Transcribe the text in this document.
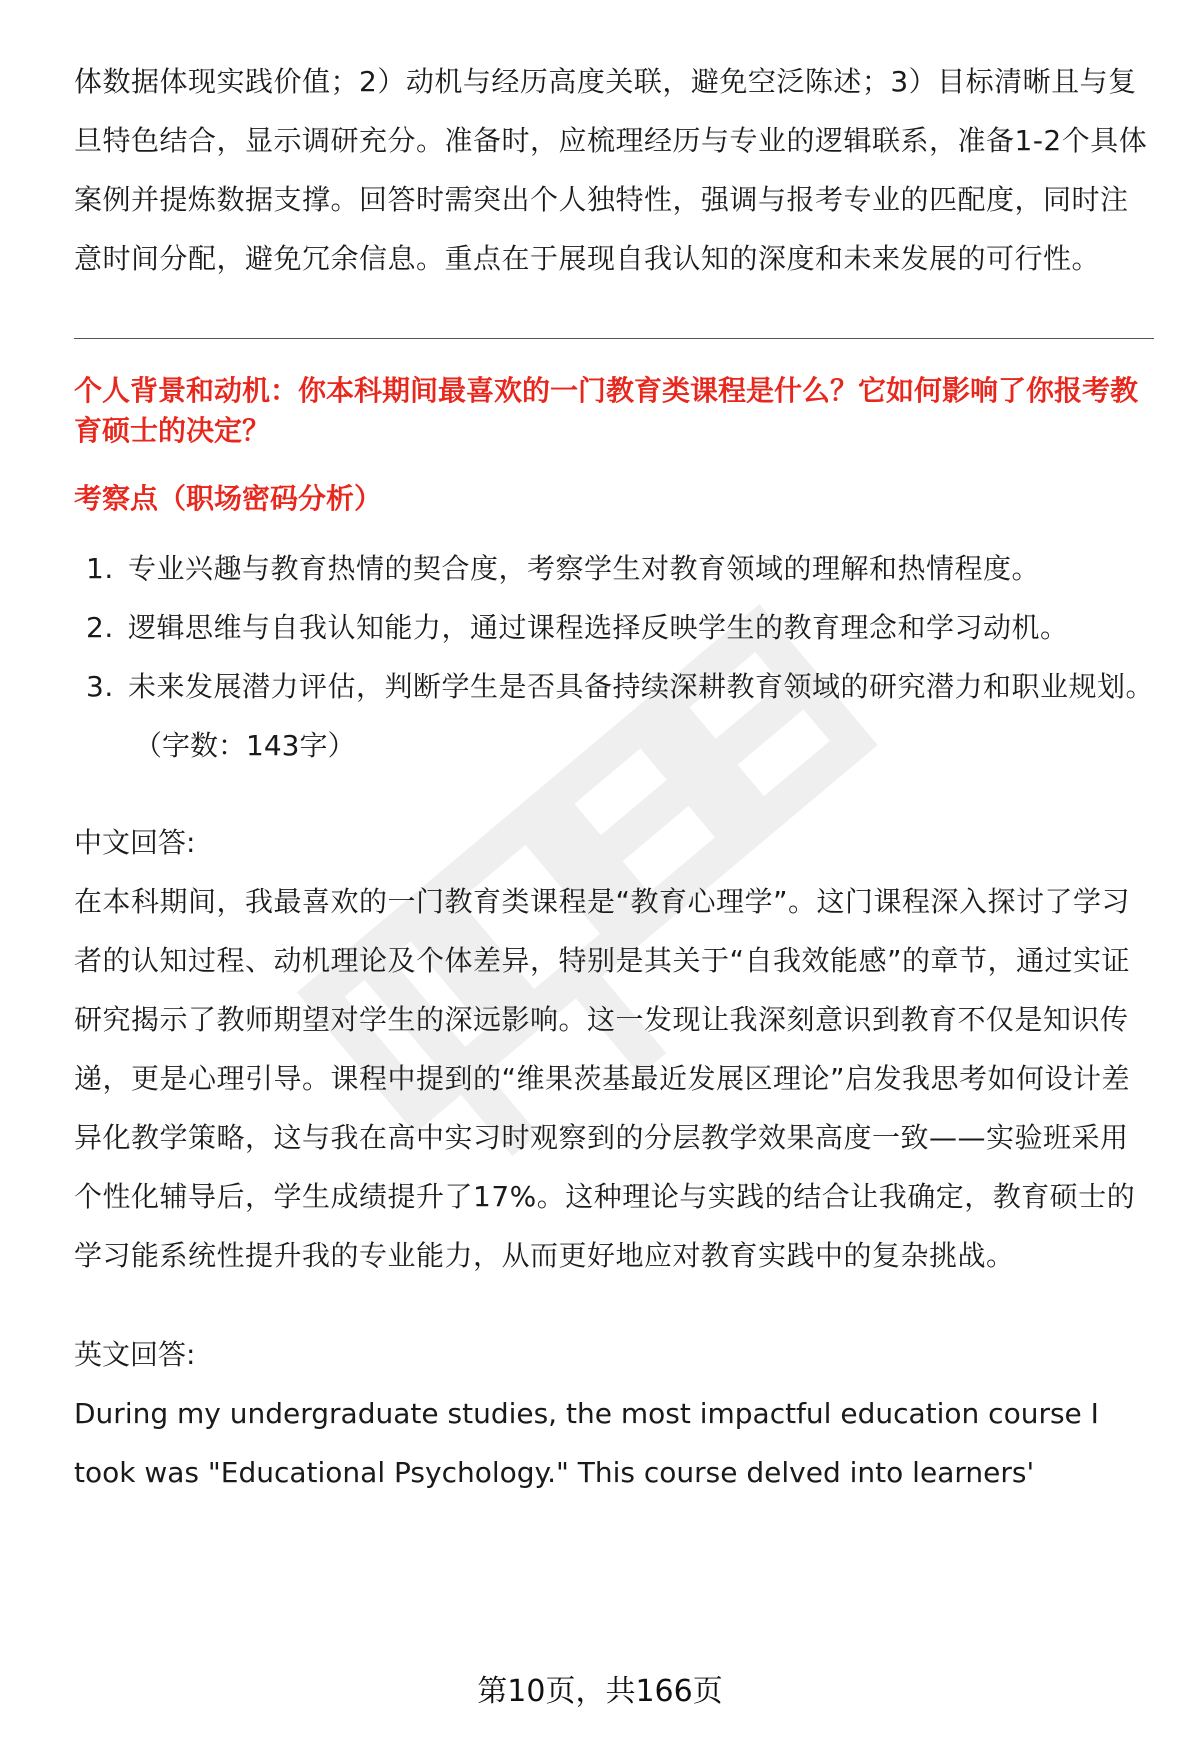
体数据体现实践价值；2）动机与经历高度关联，避免空泛陈述；3）目标清晰且与复旦特色结合，显示调研充分。准备时，应梳理经历与专业的逻辑联系，准备1-2个具体案例并提炼数据支撑。回答时需突出个人独特性，强调与报考专业的匹配度，同时注意时间分配，避免冗余信息。重点在于展现自我认知的深度和未来发展的可行性。

个人背景和动机：你本科期间最喜欢的一门教育类课程是什么？它如何影响了你报考教育硕士的决定？

考察点（职场密码分析）

1. 专业兴趣与教育热情的契合度，考察学生对教育领域的理解和热情程度。
2. 逻辑思维与自我认知能力，通过课程选择反映学生的教育理念和学习动机。
3. 未来发展潜力评估，判断学生是否具备持续深耕教育领域的研究潜力和职业规划。

（字数：143字）

中文回答:

在本科期间，我最喜欢的一门教育类课程是“教育心理学”。这门课程深入探讨了学习者的认知过程、动机理论及个体差异，特别是其关于“自我效能感”的章节，通过实证研究揭示了教师期望对学生的深远影响。这一发现让我深刻意识到教育不仅是知识传递，更是心理引导。课程中提到的“维果茨基最近发展区理论”启发我思考如何设计差异化教学策略，这与我在高中实习时观察到的分层教学效果高度一致——实验班采用个性化辅导后，学生成绩提升了17%。这种理论与实践的结合让我确定，教育硕士的学习能系统性提升我的专业能力，从而更好地应对教育实践中的复杂挑战。

英文回答:

During my undergraduate studies, the most impactful education course I

took was "Educational Psychology." This course delved into learners'

第10页，共166页
